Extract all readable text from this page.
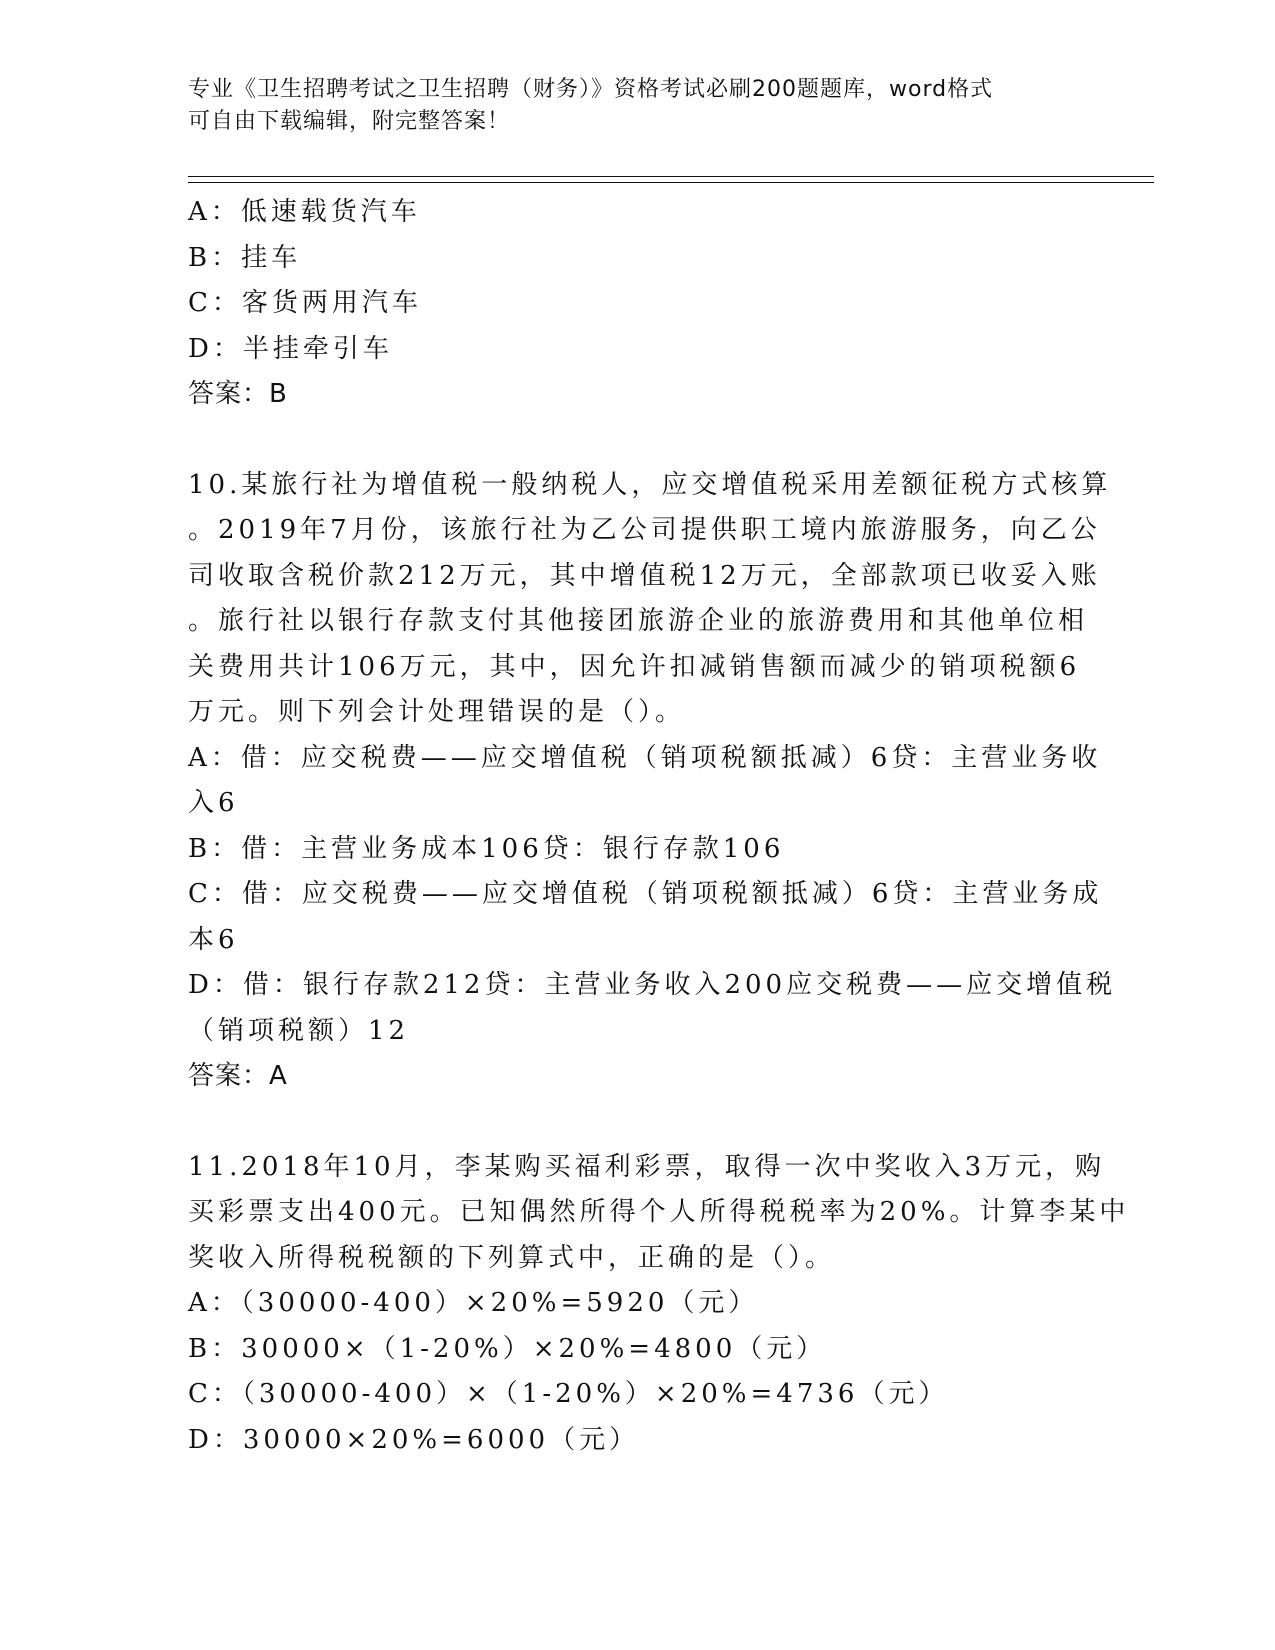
专业《卫生招聘考试之卫生招聘（财务）》资格考试必刷200题题库，word格式
可自由下载编辑，附完整答案！
A：低速载货汽车
B：挂车
C：客货两用汽车
D：半挂牵引车
答案：B
10.某旅行社为增值税一般纳税人，应交增值税采用差额征税方式核算
。2019年7月份，该旅行社为乙公司提供职工境内旅游服务，向乙公
司收取含税价款212万元，其中增值税12万元，全部款项已收妥入账
。旅行社以银行存款支付其他接团旅游企业的旅游费用和其他单位相
关费用共计106万元，其中，因允许扣减销售额而减少的销项税额6
万元。则下列会计处理错误的是（）。
A：借：应交税费——应交增值税（销项税额抵减）6贷：主营业务收
入6
B：借：主营业务成本106贷：银行存款106
C：借：应交税费——应交增值税（销项税额抵减）6贷：主营业务成
本6
D：借：银行存款212贷：主营业务收入200应交税费——应交增值税
（销项税额）12
答案：A
11.2018年10月，李某购买福利彩票，取得一次中奖收入3万元，购
买彩票支出400元。已知偶然所得个人所得税税率为20%。计算李某中
奖收入所得税税额的下列算式中，正确的是（）。
A：（30000-400）×20%=5920（元）
B：30000×（1-20%）×20%=4800（元）
C：（30000-400）×（1-20%）×20%=4736（元）
D：30000×20%=6000（元）
